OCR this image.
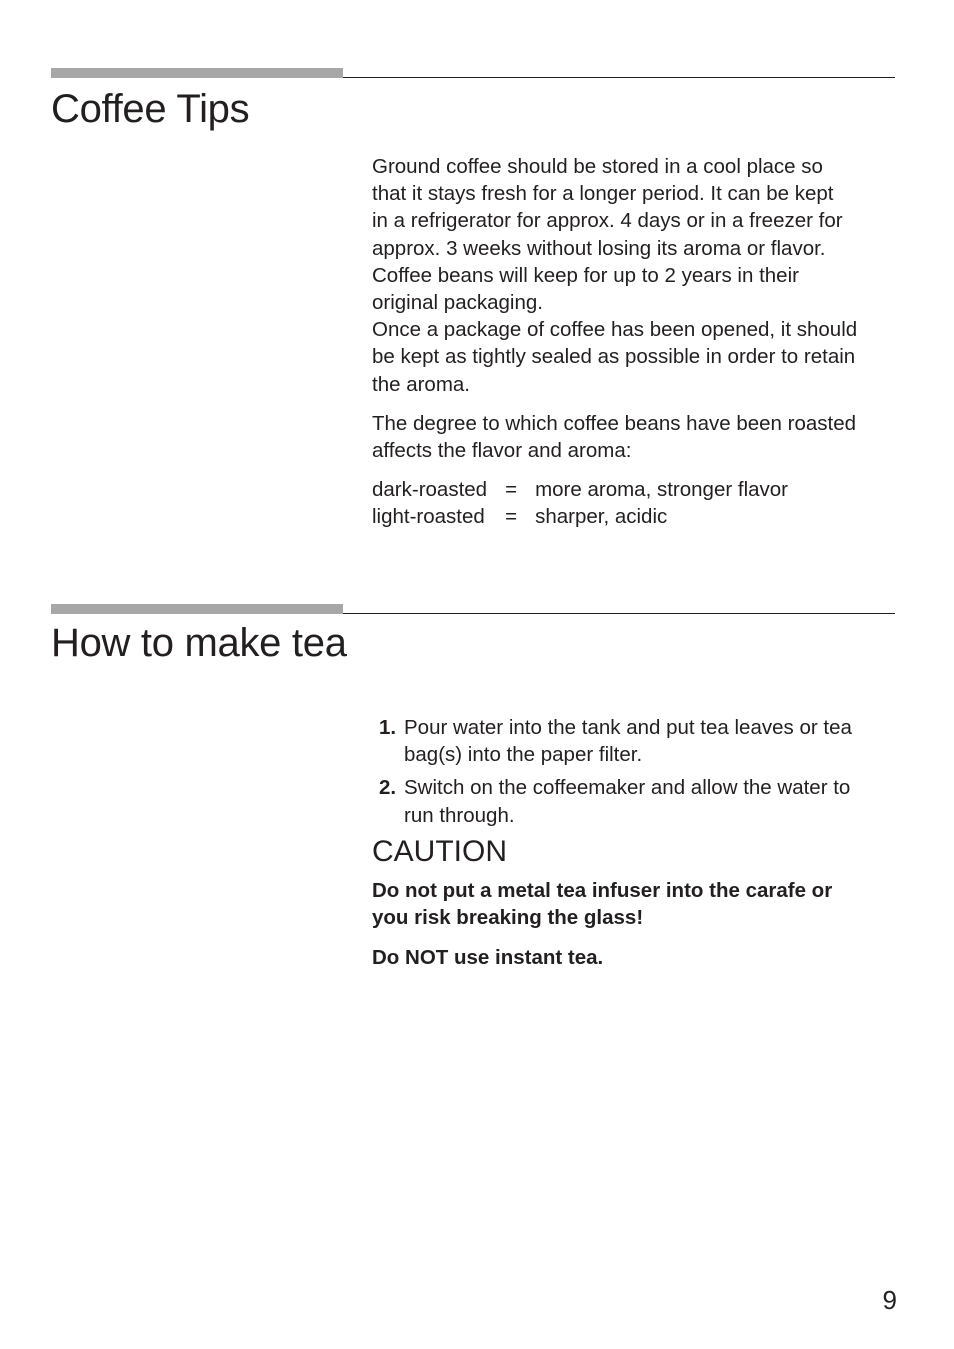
Coffee Tips

Ground coffee should be stored in a cool place so
that it stays fresh for a longer period. It can be kept
in a refrigerator for approx. 4 days or in a freezer for
approx. 3 weeks without losing its aroma or flavor.
Coffee beans will keep for up to 2 years in their
original packaging.
Once a package of coffee has been opened, it should
be kept as tightly sealed as possible in order to retain
the aroma.

The degree to which coffee beans have been roasted
affects the flavor and aroma:

dark-roasted	=	more aroma, stronger flavor
light-roasted	=	sharper, acidic
How to make tea
1. Pour water into the tank and put tea leaves or tea
bag(s) into the paper filter.
2. Switch on the coffeemaker and allow the water to
run through.
CAUTION

Do not put a metal tea infuser into the carafe or
you risk breaking the glass!

Do NOT use instant tea.

9
